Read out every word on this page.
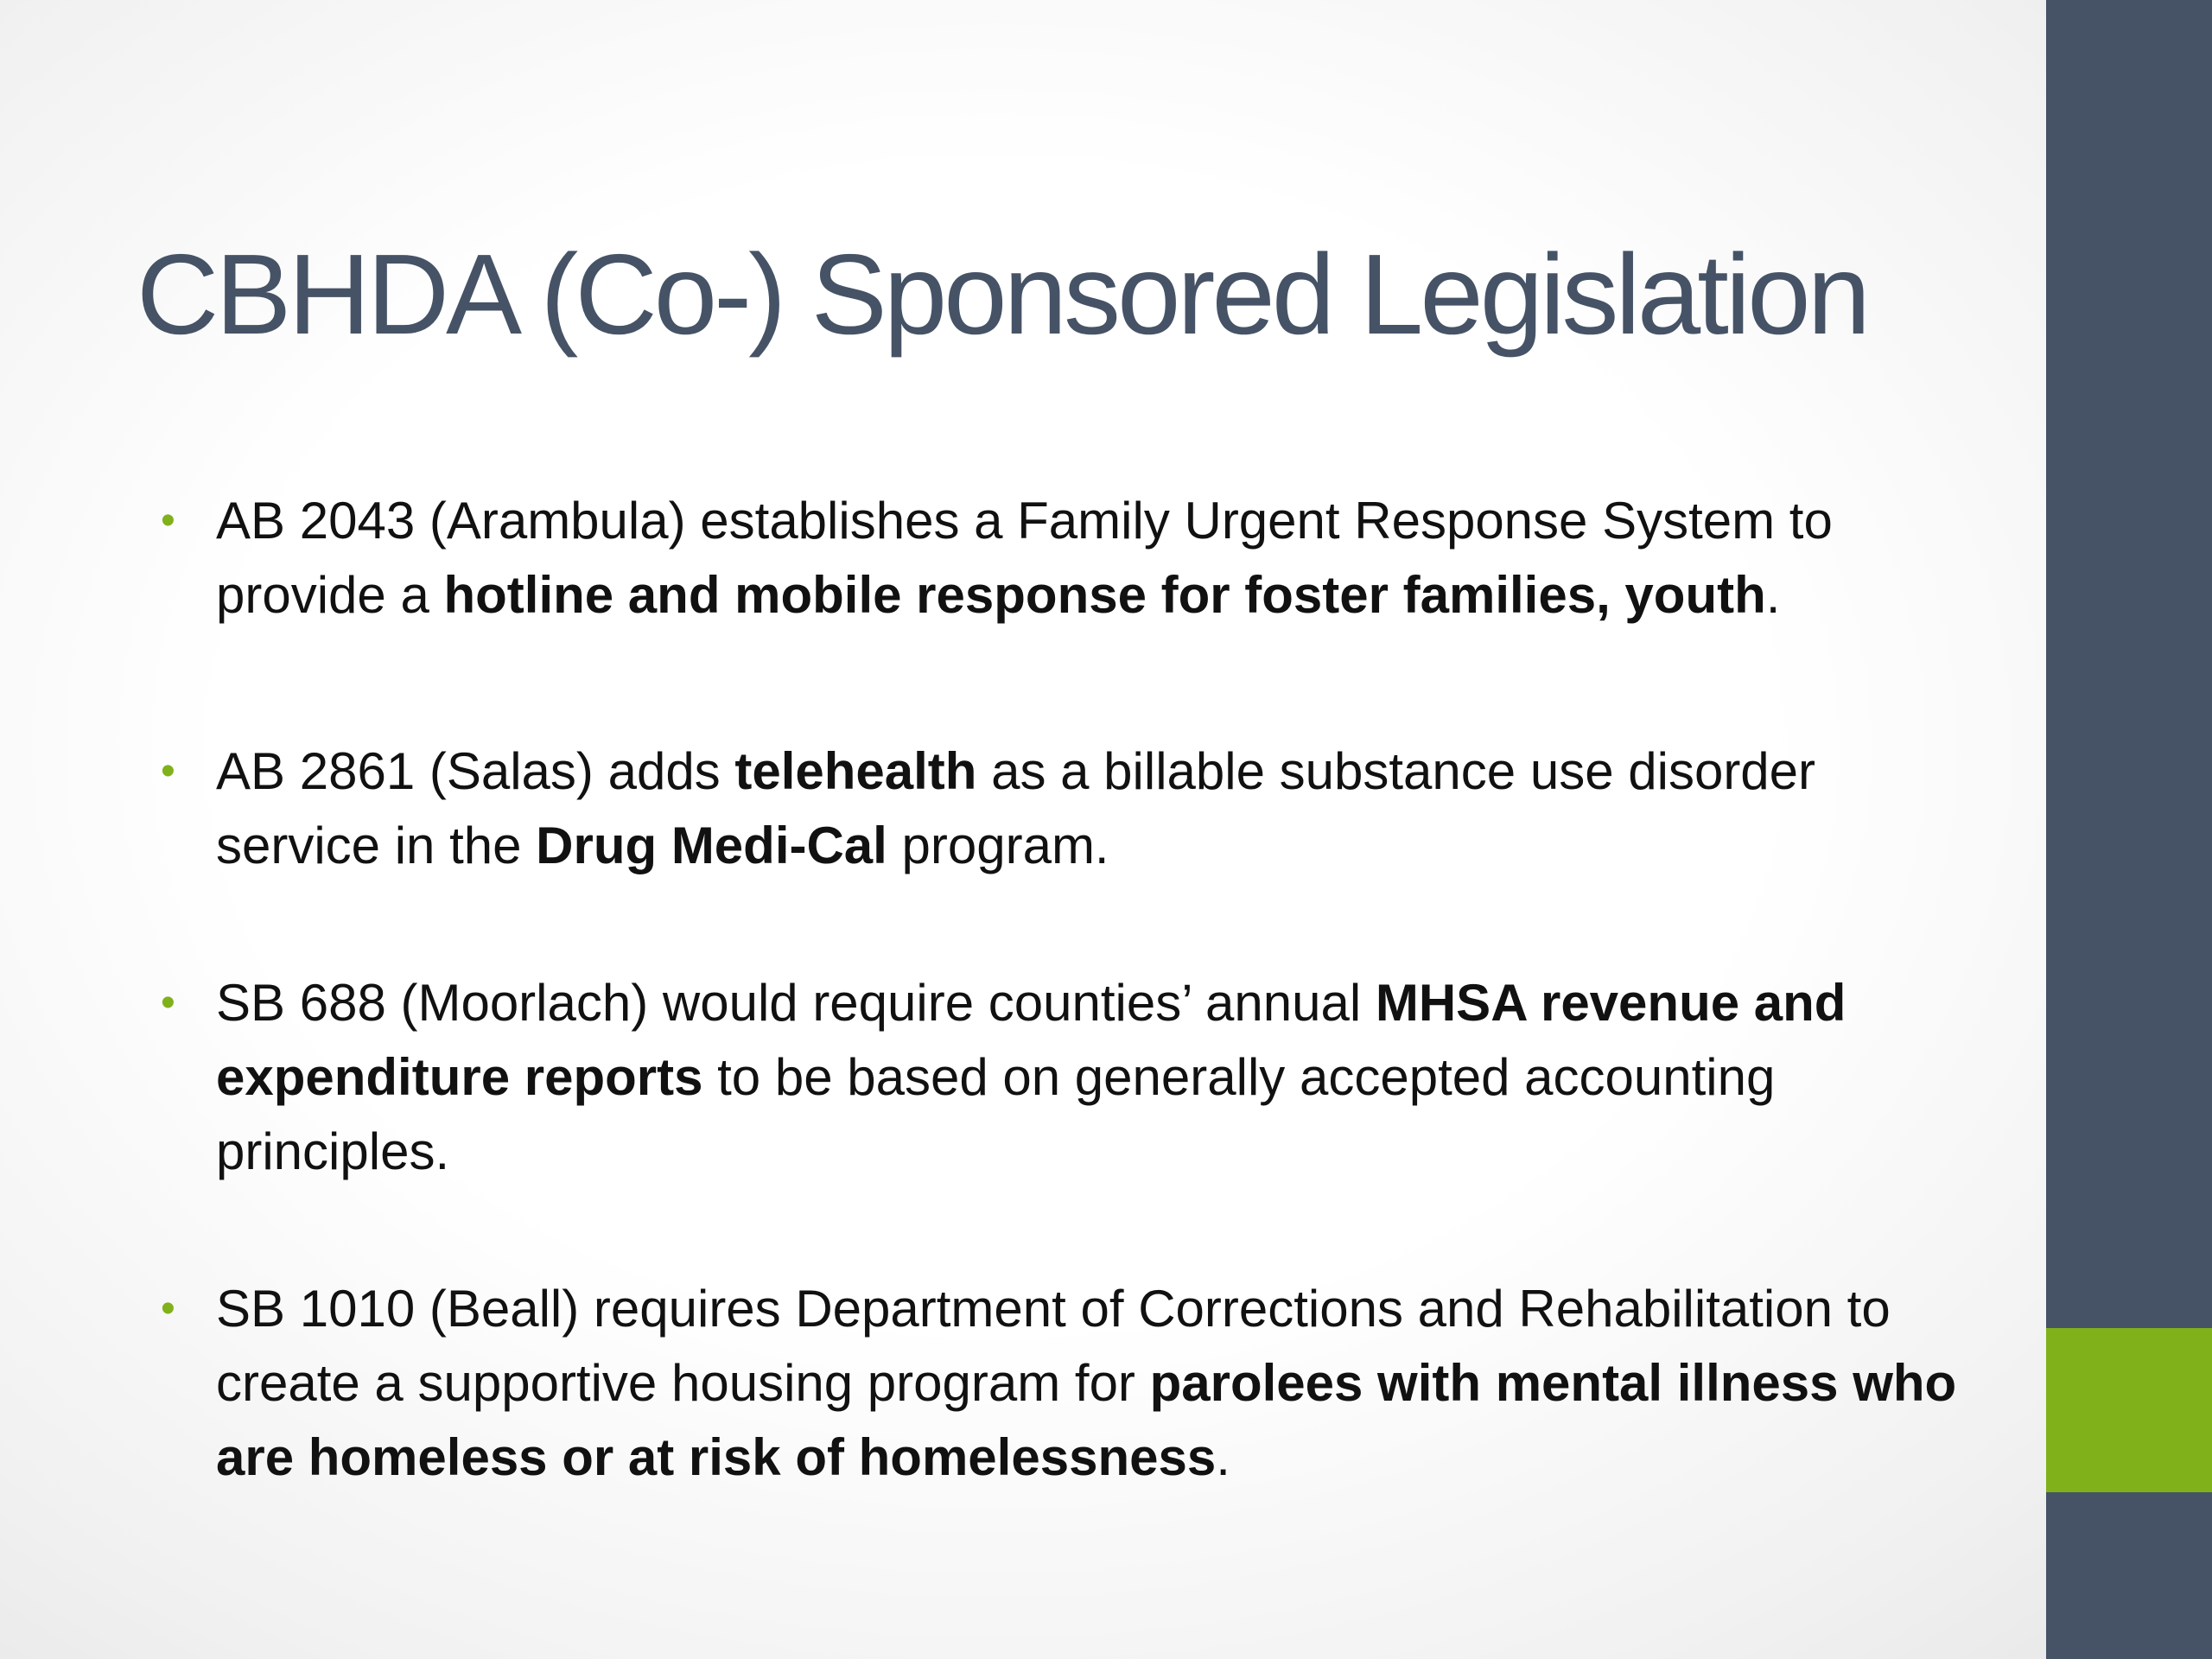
CBHDA (Co-) Sponsored Legislation
• AB 2043 (Arambula) establishes a Family Urgent Response System to provide a hotline and mobile response for foster families, youth.
• AB 2861 (Salas) adds telehealth as a billable substance use disorder service in the Drug Medi-Cal program.
• SB 688 (Moorlach) would require counties’ annual MHSA revenue and expenditure reports to be based on generally accepted accounting principles.
• SB 1010 (Beall) requires Department of Corrections and Rehabilitation to create a supportive housing program for parolees with mental illness who are homeless or at risk of homelessness.
